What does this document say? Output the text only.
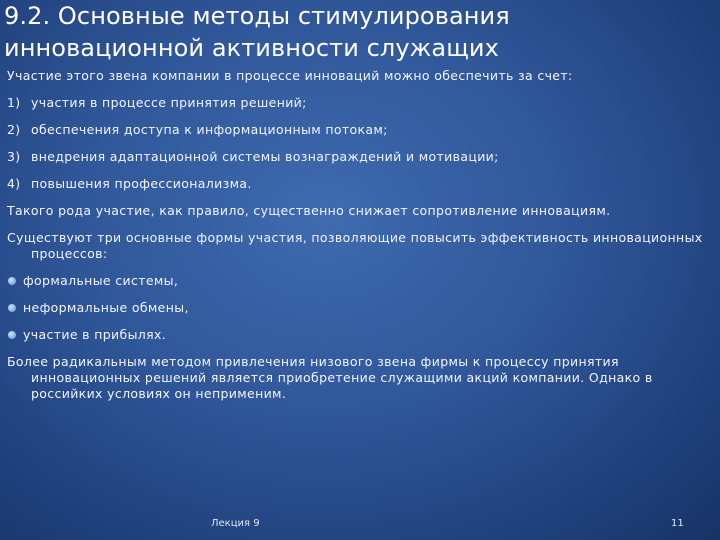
9.2. Основные методы стимулирования
инновационной активности служащих

Участие этого звена компании в процессе инноваций можно обеспечить за счет:

1) участия в процессе принятия решений;

2) обеспечения доступа к информационным потокам;

3) внедрения адаптационной системы вознаграждений и мотивации;

4) повышения профессионализма.

Такого рода участие, как правило, существенно снижает сопротивление инновациям.

Существуют три основные формы участия, позволяющие повысить эффективность инновационных процессов:

формальные системы,
неформальные обмены,
участие в прибылях.

Более радикальным методом привлечения низового звена фирмы к процессу принятия инновационных решений является приобретение служащими акций компании. Однако в российких условиях он неприменим.

Лекция 9	11
